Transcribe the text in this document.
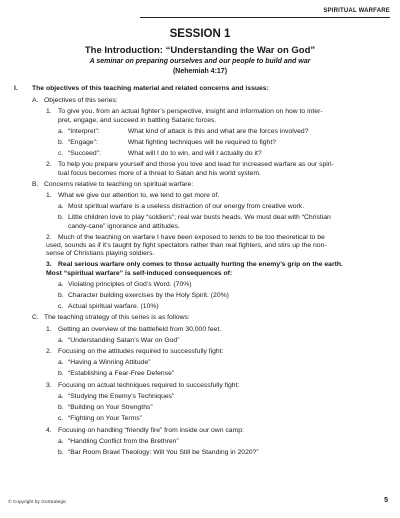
SPIRITUAL WARFARE
SESSION 1
The Introduction: “Understanding the War on God”
A seminar on preparing ourselves and our people to build and war
(Nehemiah 4:17)
I. The objectives of this teaching material and related concerns and issues:
A. Objectives of this series:
1. To give you, from an actual fighter’s perspective, insight and information on how to inter-
pret, engage, and succeed in battling Satanic forces.
a. “Interpret”:	What kind of attack is this and what are the forces involved?
b. “Engage”:	What fighting techniques will be required to fight?
c. “Succeed”:	What will I do to win, and will I actually do it?
2. To help you prepare yourself and those you love and lead for increased warfare as our spiri-
tual focus becomes more of a threat to Satan and his world system.
B. Concerns relative to teaching on spiritual warfare:
1. What we give our attention to, we tend to get more of.
a. Most spiritual warfare is a useless distraction of our energy from creative work.
b. Little children love to play “soldiers”; real war busts heads. We must deal with “Christian
candy-cane” ignorance and attitudes.
2. Much of the teaching on warfare I have been exposed to tends to be too theoretical to be
used, sounds as if it’s taught by fight spectators rather than real fighters, and stirs up the non-
sense of Christians playing soldiers.
3. Real serious warfare only comes to those actually hurting the enemy’s grip on the earth.
Most “spiritual warfare” is self-induced consequences of:
a. Violating principles of God’s Word. (70%)
b. Character building exercises by the Holy Spirit. (20%)
c. Actual spiritual warfare. (10%)
C. The teaching strategy of this series is as follows:
1. Getting an overview of the battlefield from 30,000 feet.
a. “Understanding Satan’s War on God”
2. Focusing on the attitudes required to successfully fight:
a. “Having a Winning Attitude”
b. “Establishing a Fear-Free Defense”
3. Focusing on actual techniques required to successfully fight:
a. “Studying the Enemy’s Techniques”
b. “Building on Your Strengths”
c. “Fighting on Your Terms”
4. Focusing on handling “friendly fire” from inside our own camp:
a. “Handling Conflict from the Brethren”
b. “Bar Room Brawl Theology: Will You Still be Standing in 2020?”
© Copyright by GoStrategic	5
